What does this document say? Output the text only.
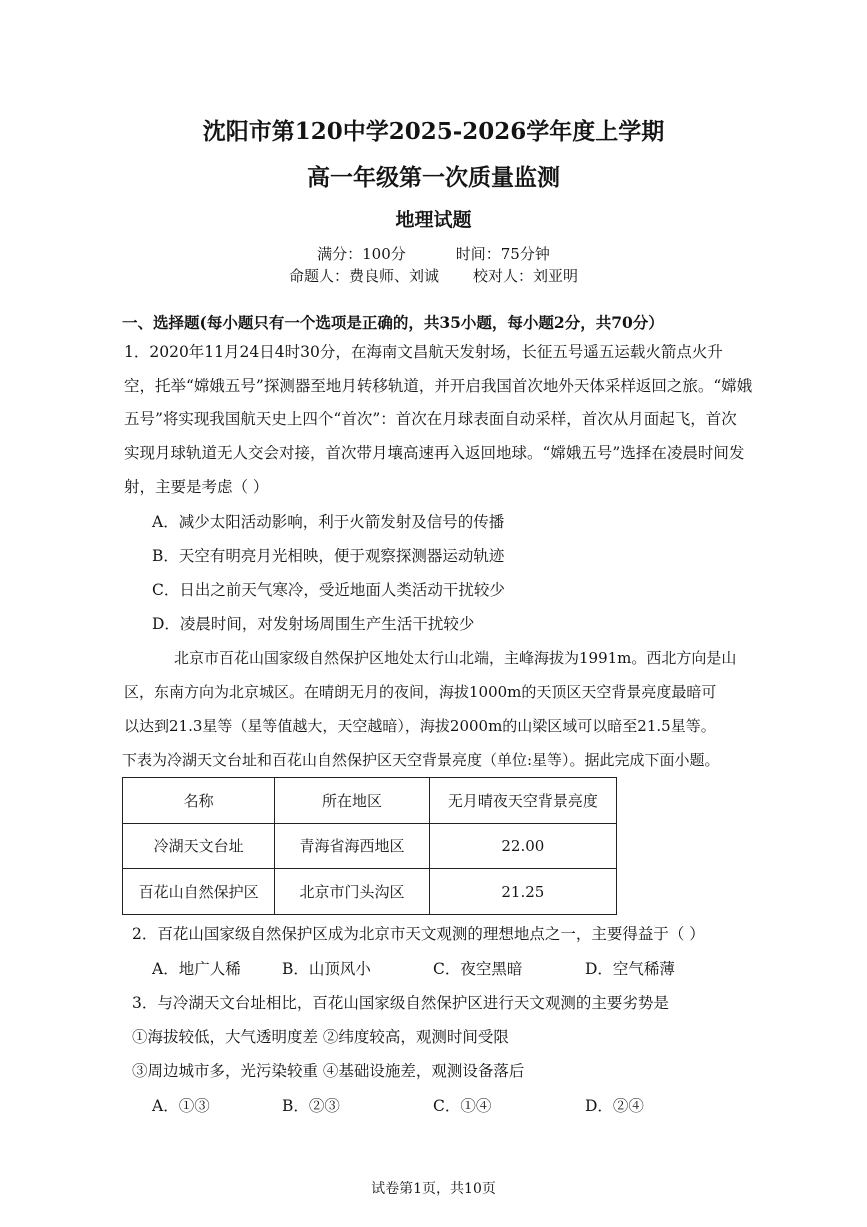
沈阳市第120中学2025-2026学年度上学期
高一年级第一次质量监测
地理试题
满分：100分	时间：75分钟
命题人：费良师、刘诚 校对人：刘亚明
一、选择题(每小题只有一个选项是正确的，共35小题，每小题2分，共70分）
1．2020年11月24日4时30分，在海南文昌航天发射场，长征五号遥五运载火箭点火升
空，托举“嫦娥五号”探测器至地月转移轨道，并开启我国首次地外天体采样返回之旅。“嫦娥
五号”将实现我国航天史上四个“首次”：首次在月球表面自动采样，首次从月面起飞，首次
实现月球轨道无人交会对接，首次带月壤高速再入返回地球。“嫦娥五号”选择在凌晨时间发
射，主要是考虑（ ）
A．减少太阳活动影响，利于火箭发射及信号的传播
B．天空有明亮月光相映，便于观察探测器运动轨迹
C．日出之前天气寒冷，受近地面人类活动干扰较少
D．凌晨时间，对发射场周围生产生活干扰较少
北京市百花山国家级自然保护区地处太行山北端，主峰海拔为1991m。西北方向是山
区，东南方向为北京城区。在晴朗无月的夜间，海拔1000m的天顶区天空背景亮度最暗可
以达到21.3星等（星等值越大，天空越暗），海拔2000m的山梁区域可以暗至21.5星等。
下表为冷湖天文台址和百花山自然保护区天空背景亮度（单位:星等）。据此完成下面小题。
名称	所在地区	无月晴夜天空背景亮度
冷湖天文台址	青海省海西地区	22.00
百花山自然保护区	北京市门头沟区	21.25
2．百花山国家级自然保护区成为北京市天文观测的理想地点之一，主要得益于（ ）
A．地广人稀	B．山顶风小	C．夜空黑暗	D．空气稀薄
3．与冷湖天文台址相比，百花山国家级自然保护区进行天文观测的主要劣势是
①海拔较低，大气透明度差 ②纬度较高，观测时间受限
③周边城市多，光污染较重 ④基础设施差，观测设备落后
A．①③	B．②③	C．①④	D．②④
试卷第1页，共10页
